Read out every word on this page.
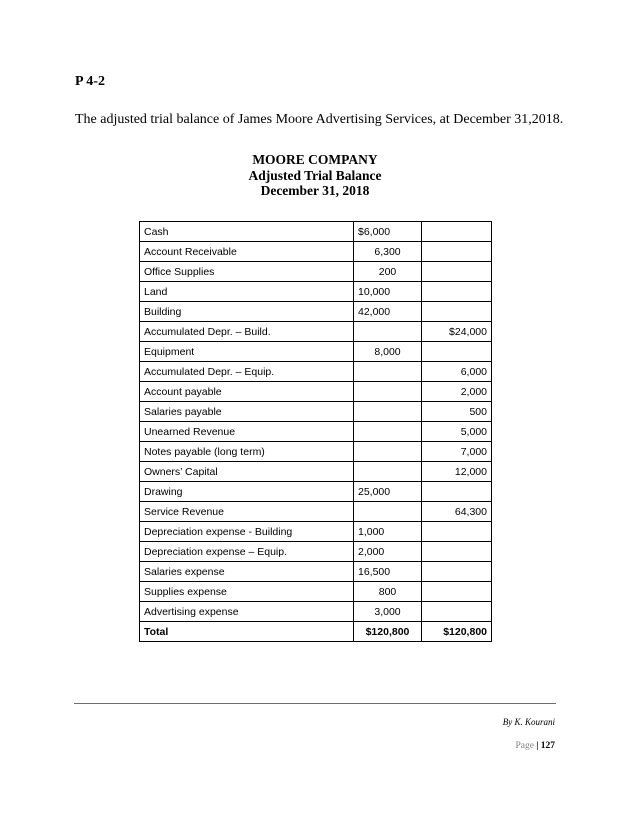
P 4-2
The adjusted trial balance of James Moore Advertising Services, at December 31,2018.
MOORE COMPANY
Adjusted Trial Balance
December 31, 2018
Cash	$6,000	
Account Receivable	6,300	
Office Supplies	200	
Land	10,000	
Building	42,000	
Accumulated Depr. – Build.		$24,000
Equipment	8,000	
Accumulated Depr. – Equip.		6,000
Account payable		2,000
Salaries payable		500
Unearned Revenue		5,000
Notes payable (long term)		7,000
Owners’ Capital		12,000
Drawing	25,000	
Service Revenue		64,300
Depreciation expense - Building	1,000	
Depreciation expense – Equip.	2,000	
Salaries expense	16,500	
Supplies expense	800	
Advertising expense	3,000	
Total	$120,800	$120,800
By K. Kourani
Page | 127
